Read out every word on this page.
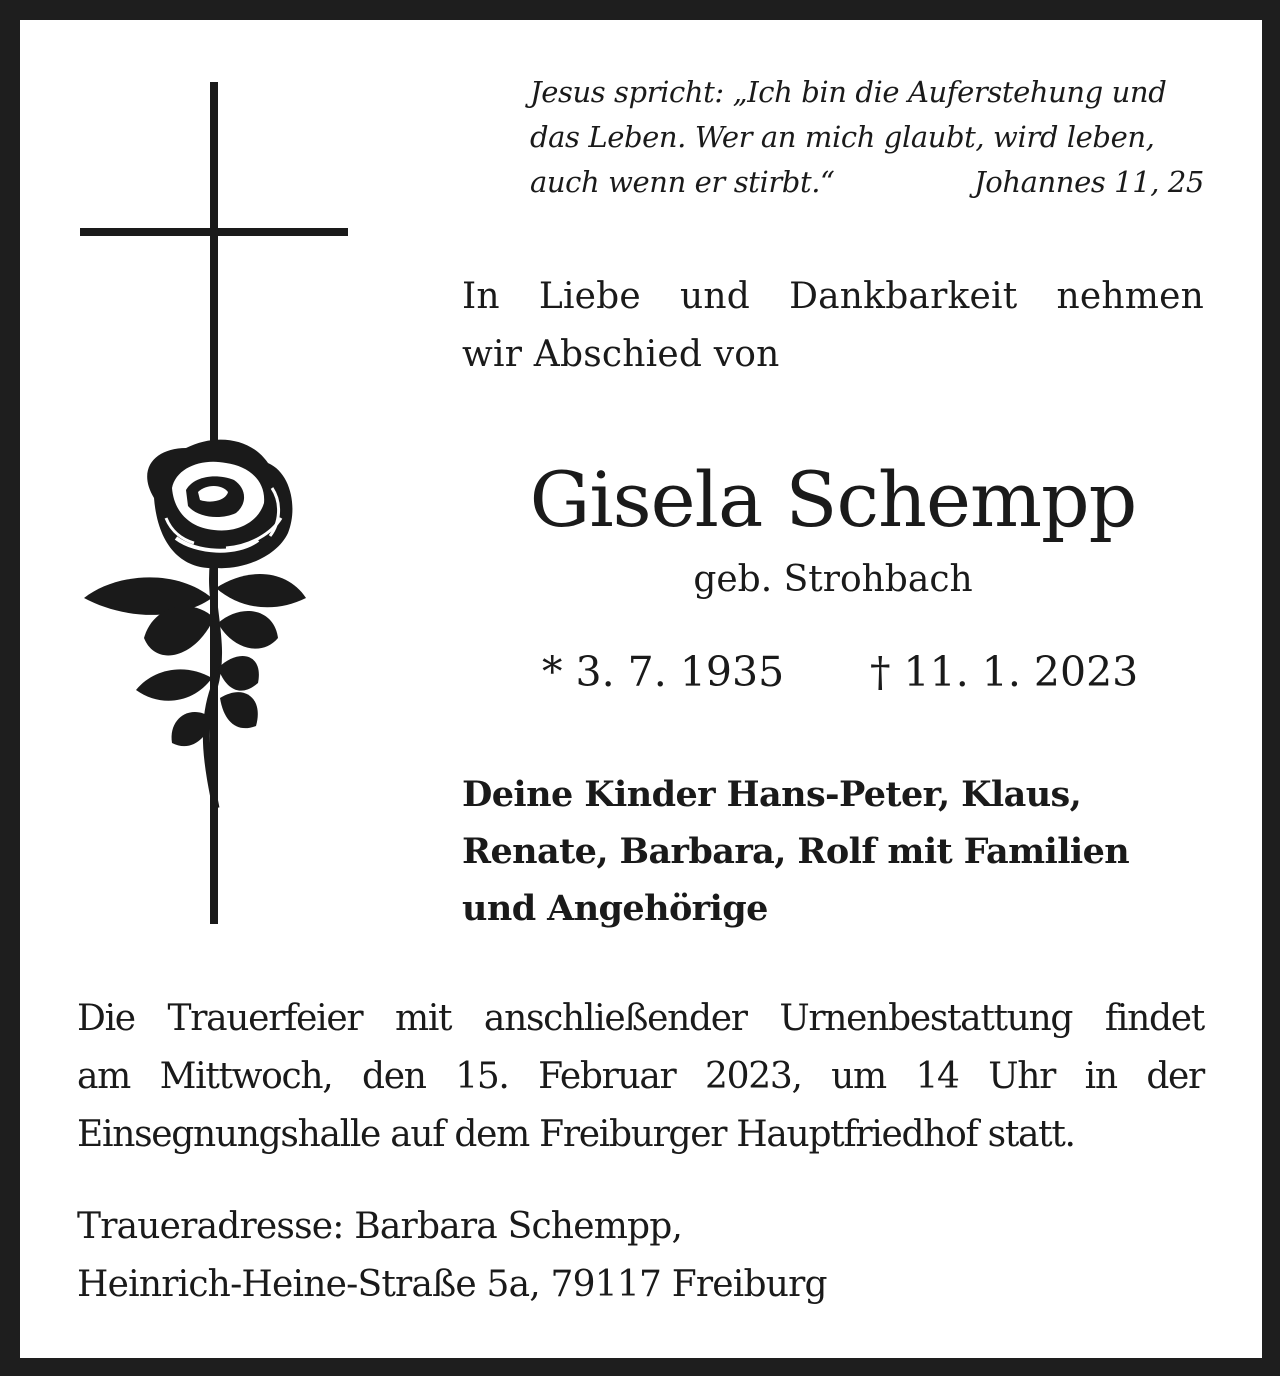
Jesus spricht: „Ich bin die Auferstehung und
das Leben. Wer an mich glaubt, wird leben,
auch wenn er stirbt.“	Johannes 11, 25
In Liebe und Dankbarkeit nehmen
wir Abschied von
Gisela Schempp
geb. Strohbach
* 3. 7. 1935 † 11. 1. 2023
Deine Kinder Hans-Peter, Klaus,
Renate, Barbara, Rolf mit Familien
und Angehörige
Die Trauerfeier mit anschließender Urnenbestattung findet
am Mittwoch, den 15. Februar 2023, um 14 Uhr in der
Einsegnungshalle auf dem Freiburger Hauptfriedhof statt.
Traueradresse: Barbara Schempp,
Heinrich-Heine-Straße 5a, 79117 Freiburg
